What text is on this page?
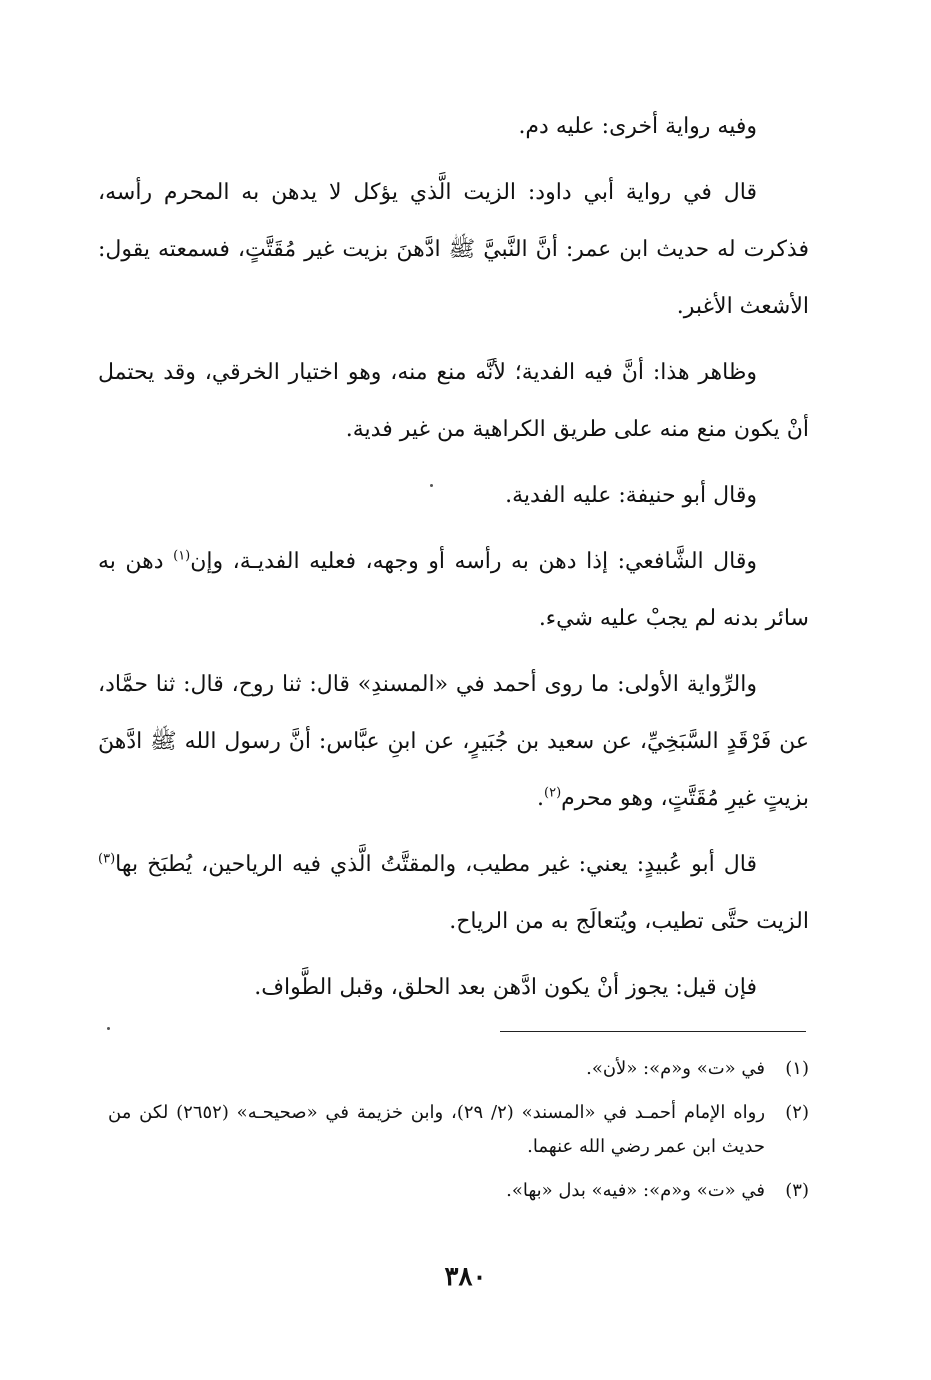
وفيه رواية أخرى: عليه دم.

قال في رواية أبي داود: الزيت الَّذي يؤكل لا يدهن به المحرم رأسه، فذكرت له حديث ابن عمر: أنَّ النَّبيَّ ﷺ ادَّهنَ بزيت غير مُقَتَّتٍ، فسمعته يقول: الأشعث الأغبر.

وظاهر هذا: أنَّ فيه الفدية؛ لأنَّه منع منه، وهو اختيار الخرقي، وقد يحتمل أنْ يكون منع منه على طريق الكراهية من غير فدية.

وقال أبو حنيفة: عليه الفدية.

وقال الشَّافعي: إذا دهن به رأسه أو وجهه، فعليه الفديـة، وإن$^{(١)}$ دهن به سائر بدنه لم يجبْ عليه شيء.

والرِّواية الأولى: ما روى أحمد في «المسندِ» قال: ثنا روح، قال: ثنا حمَّاد، عن فَرْقَدٍ السَّبَخِيِّ، عن سعيد بن جُبَيرٍ، عن ابنِ عبَّاس: أنَّ رسول الله ﷺ ادَّهنَ بزيتٍ غيرِ مُقَتَّتٍ، وهو محرم$^{(٢)}$.

قال أبو عُبيدٍ: يعني: غير مطيب، والمقتَّتُ الَّذي فيه الرياحين، يُطبَخ بها$^{(٣)}$ الزيت حتَّى تطيب، ويُتعالَج به من الرياح.

فإن قيل: يجوز أنْ يكون ادَّهن بعد الحلق، وقبل الطَّواف.

(١)
في «ت» و«م»: «لأن».

(٢)
رواه الإمام أحمـد في «المسند» (٢/ ٢٩)، وابن خزيمة في «صحيحـه» (٢٦٥٢) لكن من حديث ابن عمر رضي الله عنهما.

(٣)
في «ت» و«م»: «فيه» بدل «بها».

٣٨٠
